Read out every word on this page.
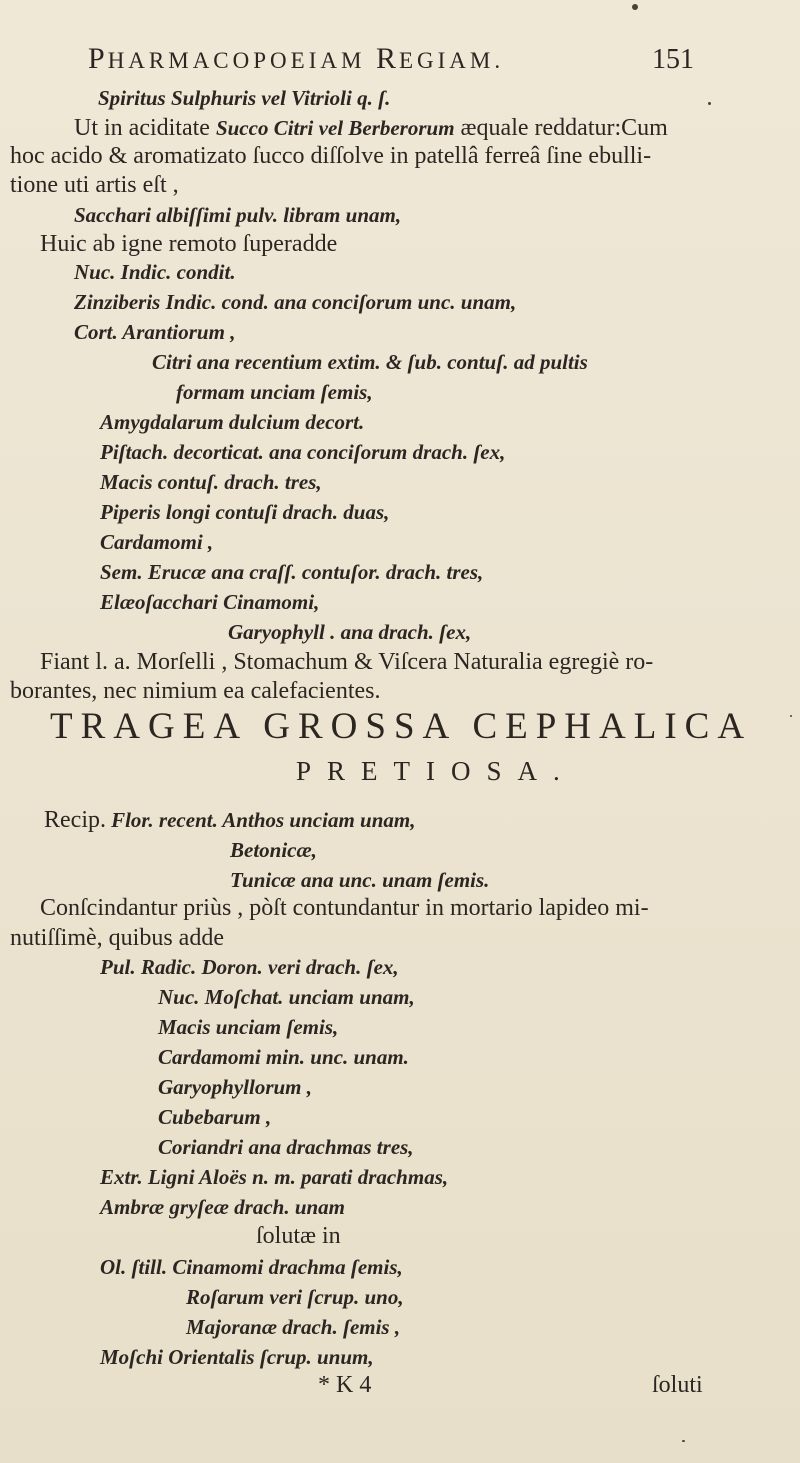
PHARMACOPOEIAM REGIAM.	151
Spiritus Sulphuris vel Vitrioli q. ſ.
Ut in aciditate Succo Citri vel Berberorum æquale reddatur:Cum
hoc acido & aromatizato ſucco diſſolve in patellâ ferreâ ſine ebulli-
tione uti artis eſt ,
Sacchari albiſſimi pulv. libram unam,
Huic ab igne remoto ſuperadde
Nuc. Indic. condit.
Zinziberis Indic. cond. ana conciſorum unc. unam,
Cort. Arantiorum ,
Citri ana recentium extim. & ſub. contuſ. ad pultis
formam unciam ſemis,
Amygdalarum dulcium decort.
Piſtach. decorticat. ana conciſorum drach. ſex,
Macis contuſ. drach. tres,
Piperis longi contuſi drach. duas,
Cardamomi ,
Sem. Erucæ ana craſſ. contuſor. drach. tres,
Elæoſacchari Cinamomi,
Garyophyll . ana drach. ſex,
Fiant l. a. Morſelli , Stomachum & Viſcera Naturalia egregiè ro-
borantes, nec nimium ea calefacientes.
TRAGEA GROSSA CEPHALICA
PRETIOSA.
Recip. Flor. recent. Anthos unciam unam,
Betonicæ,
Tunicæ ana unc. unam ſemis.
Conſcindantur priùs , pòſt contundantur in mortario lapideo mi-
nutiſſimè, quibus adde
Pul. Radic. Doron. veri drach. ſex,
Nuc. Moſchat. unciam unam,
Macis unciam ſemis,
Cardamomi min. unc. unam.
Garyophyllorum ,
Cubebarum ,
Coriandri ana drachmas tres,
Extr. Ligni Aloës n. m. parati drachmas,
Ambræ gryſeæ drach. unam
ſolutæ in
Ol. ſtill. Cinamomi drachma ſemis,
Roſarum veri ſcrup. uno,
Majoranæ drach. ſemis ,
Moſchi Orientalis ſcrup. unum,
* K 4	ſoluti
